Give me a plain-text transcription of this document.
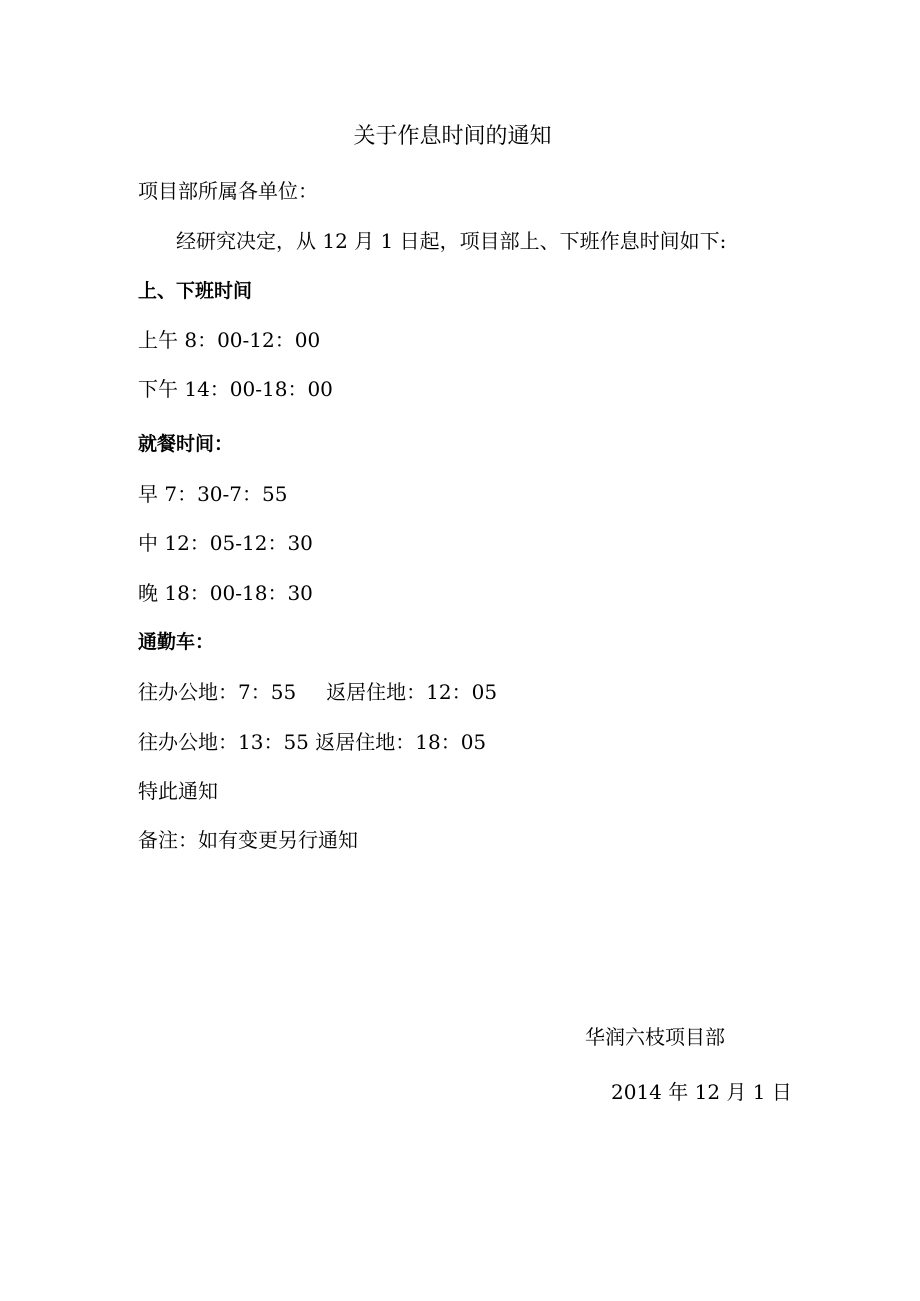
关于作息时间的通知
项目部所属各单位：
经研究决定，从 12 月 1 日起，项目部上、下班作息时间如下:
上、下班时间
上午 8：00-12：00
下午 14：00-18：00
就餐时间：
早 7：30-7：55
中 12：05-12：30
晚 18：00-18：30
通勤车：
往办公地：7：55 返居住地：12：05
往办公地：13：55 返居住地：18：05
特此通知
备注：如有变更另行通知
华润六枝项目部
2014 年 12 月 1 日
